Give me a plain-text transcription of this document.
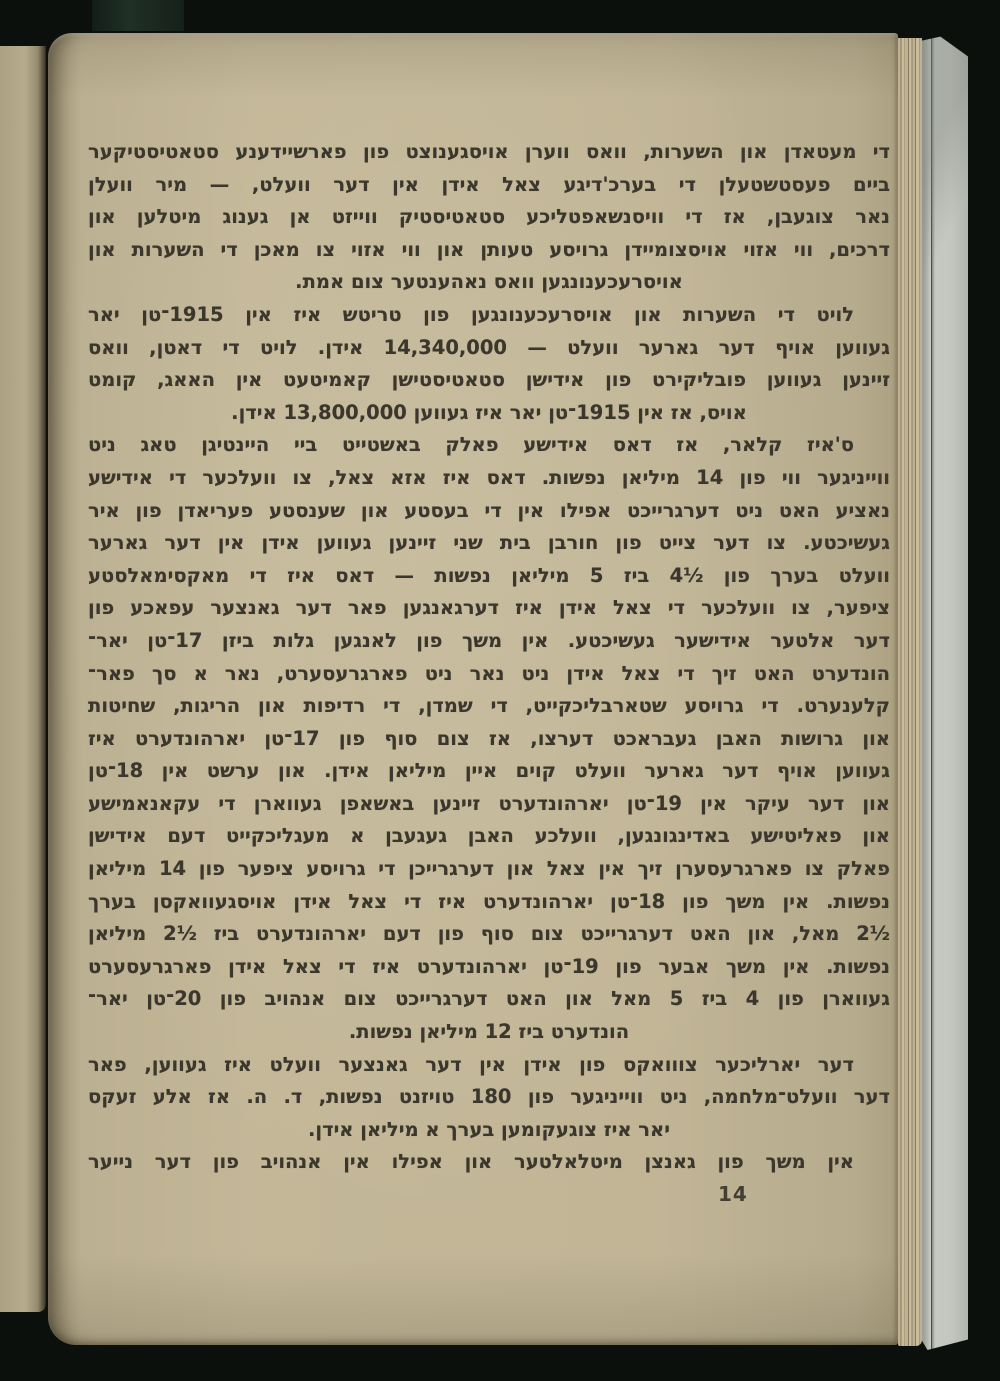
די מעטאדן און השערות, וואס ווערן אויסגענוצט פון פארשיידענע סטאטיסטיקער
ביים פעסטשטעלן די בערכ'דיגע צאל אידן אין דער וועלט, — מיר וועלן
נאר צוגעבן, אז די וויסנשאפטליכע סטאטיסטיק ווייזט אן גענוג מיטלען און
דרכים, ווי אזוי אויסצומיידן גרויסע טעותן און ווי אזוי צו מאכן די השערות און
אויסרעכענונגען וואס נאהענטער צום אמת.
לויט די השערות און אויסרעכענונגען פון טריטש איז אין 1915־טן יאר
געווען אויף דער גארער וועלט — 14,340,000 אידן. לויט די דאטן, וואס
זיינען געווען פובליקירט פון אידישן סטאטיסטישן קאמיטעט אין האאג, קומט
אויס, אז אין 1915־טן יאר איז געווען 13,800,000 אידן.
ס'איז קלאר, אז דאס אידישע פאלק באשטייט ביי היינטיגן טאג ניט
ווייניגער ווי פון 14 מיליאן נפשות. דאס איז אזא צאל, צו וועלכער די אידישע
נאציע האט ניט דערגרייכט אפילו אין די בעסטע און שענסטע פעריאדן פון איר
געשיכטע. צו דער צייט פון חורבן בית שני זיינען געווען אידן אין דער גארער
וועלט בערך פון ‎4½‎ ביז 5 מיליאן נפשות — דאס איז די מאקסימאלסטע
ציפער, צו וועלכער די צאל אידן איז דערגאנגען פאר דער גאנצער עפאכע פון
דער אלטער אידישער געשיכטע. אין משך פון לאנגען גלות ביזן 17־טן יאר־
הונדערט האט זיך די צאל אידן ניט נאר ניט פארגרעסערט, נאר א סך פאר־
קלענערט. די גרויסע שטארבליכקייט, די שמדן, די רדיפות און הריגות, שחיטות
און גרושות האבן געבראכט דערצו, אז צום סוף פון 17־טן יארהונדערט איז
געווען אויף דער גארער וועלט קוים איין מיליאן אידן. און ערשט אין 18־טן
און דער עיקר אין 19־טן יארהונדערט זיינען באשאפן געווארן די עקאנאמישע
און פאליטישע באדינגונגען, וועלכע האבן געגעבן א מעגליכקייט דעם אידישן
פאלק צו פארגרעסערן זיך אין צאל און דערגרייכן די גרויסע ציפער פון 14 מיליאן
נפשות. אין משך פון 18־טן יארהונדערט איז די צאל אידן אויסגעוואקסן בערך
‎2½‎ מאל, און האט דערגרייכט צום סוף פון דעם יארהונדערט ביז ‎2½‎ מיליאן
נפשות. אין משך אבער פון 19־טן יארהונדערט איז די צאל אידן פארגרעסערט
געווארן פון 4 ביז 5 מאל און האט דערגרייכט צום אנהויב פון 20־טן יאר־
הונדערט ביז 12 מיליאן נפשות.
דער יארליכער צווואקס פון אידן אין דער גאנצער וועלט איז געווען, פאר
דער וועלט־מלחמה, ניט ווייניגער פון 180 טויזנט נפשות, ד. ה. אז אלע זעקס
יאר איז צוגעקומען בערך א מיליאן אידן.
אין משך פון גאנצן מיטלאלטער און אפילו אין אנהויב פון דער נייער
14
